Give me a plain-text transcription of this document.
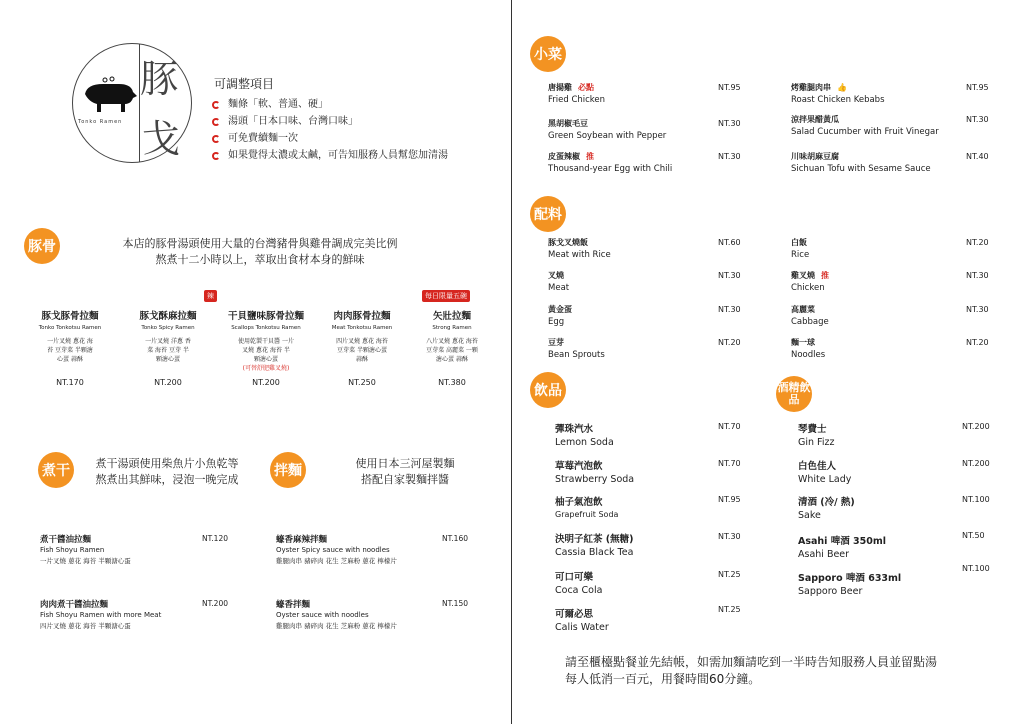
豚
戈
Tonko Ramen
可調整項目
麵條「軟、普通、硬」
湯頭「日本口味、台灣口味」
可免費續麵一次
如果覺得太濃或太鹹，可告知服務人員幫您加清湯
豚骨	本店的豚骨湯頭使用大量的台灣豬骨與雞骨調成完美比例
熬煮十二小時以上，萃取出食材本身的鮮味
辣	每日限量五碗
豚戈豚骨拉麵
Tonko Tonkotsu Ramen
一片叉燒 蔥花 海
苔 豆芽菜 半顆溏
心蛋 蒜酥
NT.170
豚戈酥麻拉麵
Tonko Spicy Ramen
一片叉燒 洋蔥 香
菜 海苔 豆芽 半
顆溏心蛋
NT.200
干貝鹽味豚骨拉麵
Scallops Tonkotsu Ramen
使用乾製干貝醬 一片
叉燒 蔥花 海苔 半
顆溏心蛋
(可替舒肥雞叉燒)
NT.200
肉肉豚骨拉麵
Meat Tonkotsu Ramen
四片叉燒 蔥花 海苔
豆芽菜 半顆溏心蛋
蒜酥
NT.250
矢壯拉麵
Strong Ramen
八片叉燒 蔥花 海苔
豆芽菜 高麗菜 一顆
溏心蛋 蒜酥
NT.380
煮干	煮干湯頭使用柴魚片小魚乾等
熬煮出其鮮味，浸泡一晚完成
煮干醬油拉麵
Fish Shoyu Ramen
一片叉燒 蔥花 海苔 半顆溏心蛋
NT.120
肉肉煮干醬油拉麵
Fish Shoyu Ramen with more Meat
四片叉燒 蔥花 海苔 半顆溏心蛋
NT.200
拌麵	使用日本三河屋製麵
搭配自家製麵拌醬
蠔香麻辣拌麵
Oyster Spicy sauce with noodles
雞腿肉串 豬碎肉 花生 芝麻粉 蔥花 檸檬片
NT.160
蠔香拌麵
Oyster sauce with noodles
雞腿肉串 豬碎肉 花生 芝麻粉 蔥花 檸檬片
NT.150
小菜
唐揚雞 必點
Fried Chicken
NT.95
黑胡椒毛豆
Green Soybean with Pepper
NT.30
皮蛋辣椒 推
Thousand-year Egg with Chili
NT.30
烤雞腿肉串 👍
Roast Chicken Kebabs
NT.95
涼拌果醋黃瓜
Salad Cucumber with Fruit Vinegar
NT.30
川味胡麻豆腐
Sichuan Tofu with Sesame Sauce
NT.40
配料
豚戈叉燒飯
Meat with Rice
NT.60
叉燒
Meat
NT.30
黃金蛋
Egg
NT.30
豆芽
Bean Sprouts
NT.20
白飯
Rice
NT.20
雞叉燒 推
Chicken
NT.30
高麗菜
Cabbage
NT.30
麵一球
Noodles
NT.20
飲品	酒精飲品
彈珠汽水
Lemon Soda
NT.70
草莓汽泡飲
Strawberry Soda
NT.70
柚子氣泡飲
Grapefruit Soda
NT.95
決明子紅茶 (無糖)
Cassia Black Tea
NT.30
可口可樂
Coca Cola
NT.25
可爾必思
Calis Water
NT.25
琴費士
Gin Fizz
NT.200
白色佳人
White Lady
NT.200
清酒 (冷/ 熱)
Sake
NT.100
Asahi 啤酒 350ml
Asahi Beer
NT.50
Sapporo 啤酒 633ml
Sapporo Beer
NT.100
請至櫃檯點餐並先結帳，如需加麵請吃到一半時告知服務人員並留點湯
每人低消一百元，用餐時間60分鐘。
